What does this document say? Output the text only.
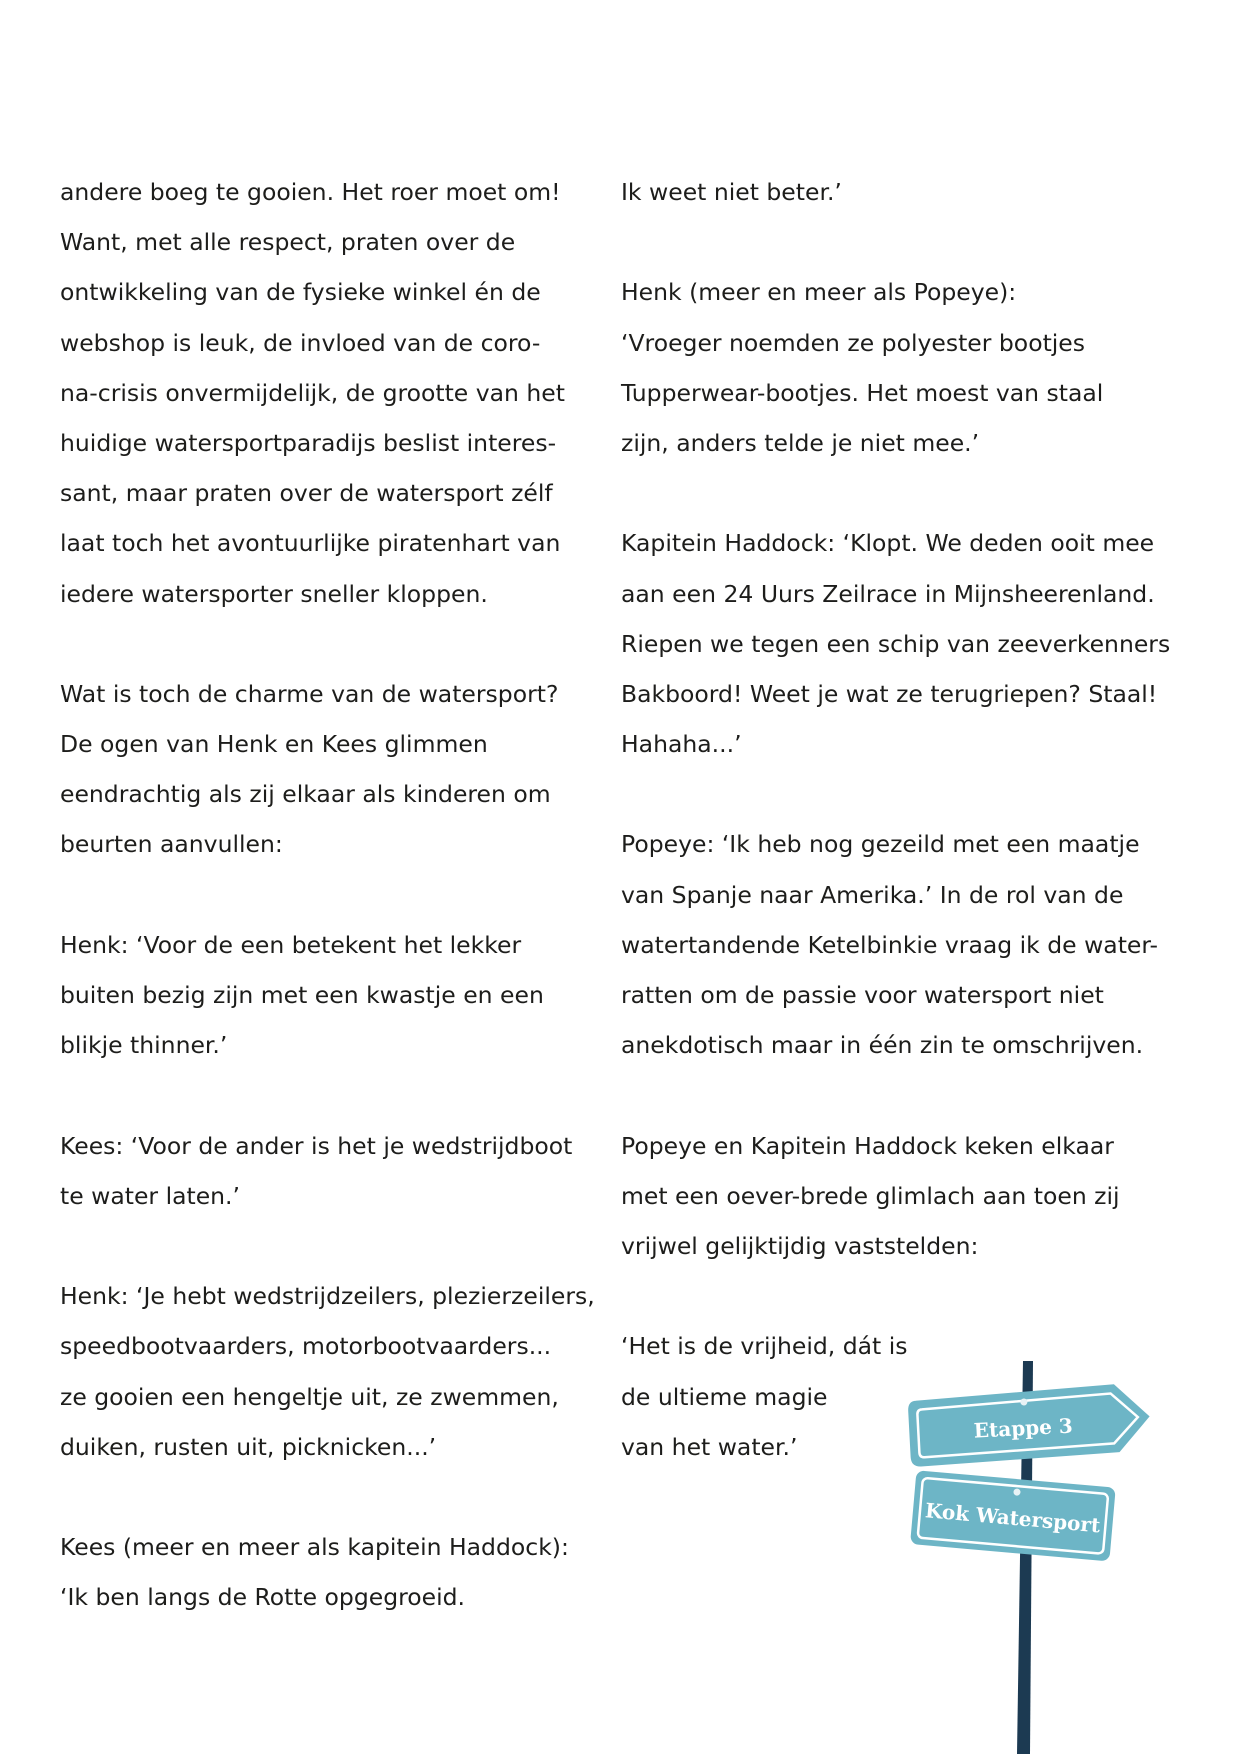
andere boeg te gooien. Het roer moet om!
Want, met alle respect, praten over de
ontwikkeling van de fysieke winkel én de
webshop is leuk, de invloed van de coro-
na-crisis onvermijdelijk, de grootte van het
huidige watersportparadijs beslist interes-
sant, maar praten over de watersport zélf
laat toch het avontuurlijke piratenhart van
iedere watersporter sneller kloppen.
Wat is toch de charme van de watersport?
De ogen van Henk en Kees glimmen
eendrachtig als zij elkaar als kinderen om
beurten aanvullen:
Henk: ‘Voor de een betekent het lekker
buiten bezig zijn met een kwastje en een
blikje thinner.’
Kees: ‘Voor de ander is het je wedstrijdboot
te water laten.’
Henk: ‘Je hebt wedstrijdzeilers, plezierzeilers,
speedbootvaarders, motorbootvaarders...
ze gooien een hengeltje uit, ze zwemmen,
duiken, rusten uit, picknicken...’
Kees (meer en meer als kapitein Haddock):
‘Ik ben langs de Rotte opgegroeid.
Ik weet niet beter.’
Henk (meer en meer als Popeye):
‘Vroeger noemden ze polyester bootjes
Tupperwear-bootjes. Het moest van staal
zijn, anders telde je niet mee.’
Kapitein Haddock: ‘Klopt. We deden ooit mee
aan een 24 Uurs Zeilrace in Mijnsheerenland.
Riepen we tegen een schip van zeeverkenners
Bakboord! Weet je wat ze terugriepen? Staal!
Hahaha...’
Popeye: ‘Ik heb nog gezeild met een maatje
van Spanje naar Amerika.’ In de rol van de
watertandende Ketelbinkie vraag ik de water-
ratten om de passie voor watersport niet
anekdotisch maar in één zin te omschrijven.
Popeye en Kapitein Haddock keken elkaar
met een oever-brede glimlach aan toen zij
vrijwel gelijktijdig vaststelden:
‘Het is de vrijheid, dát is
de ultieme magie
van het water.’
Etappe 3
Kok Watersport
